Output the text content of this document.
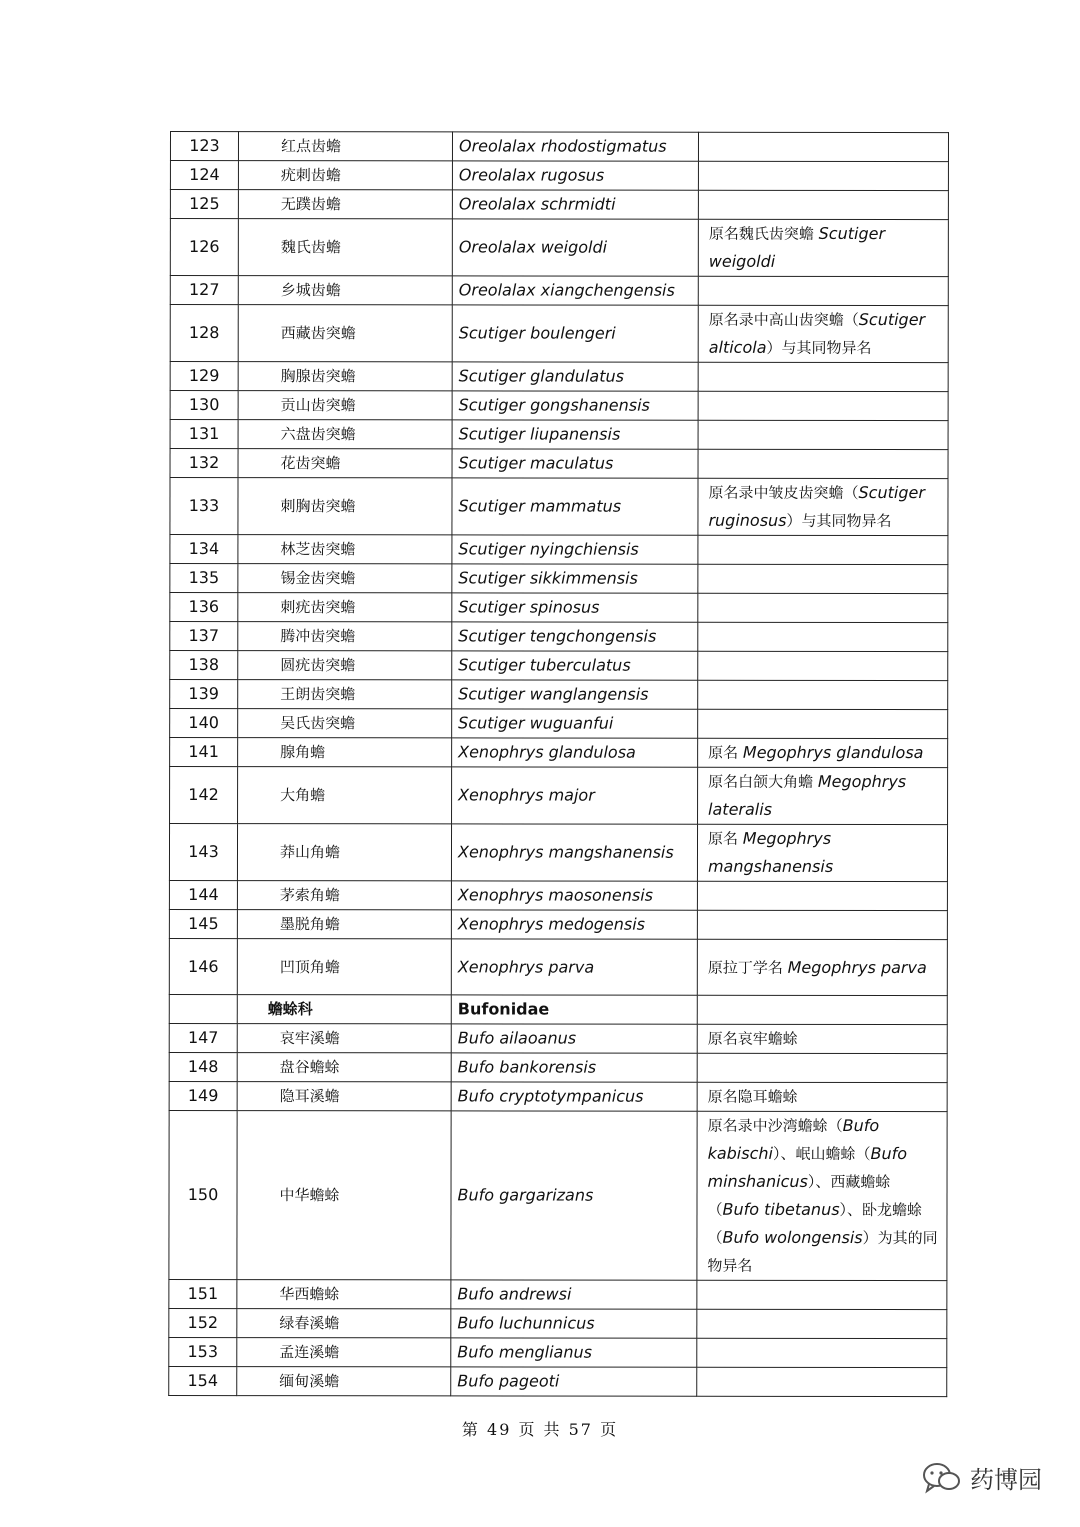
123	红点齿蟾	Oreolalax rhodostigmatus	
124	疣刺齿蟾	Oreolalax rugosus	
125	无蹼齿蟾	Oreolalax schrmidti	
126	魏氏齿蟾	Oreolalax weigoldi	原名魏氏齿突蟾 Scutiger weigoldi
127	乡城齿蟾	Oreolalax xiangchengensis	
128	西藏齿突蟾	Scutiger boulengeri	原名录中高山齿突蟾（Scutiger alticola）与其同物异名
129	胸腺齿突蟾	Scutiger glandulatus	
130	贡山齿突蟾	Scutiger gongshanensis	
131	六盘齿突蟾	Scutiger liupanensis	
132	花齿突蟾	Scutiger maculatus	
133	刺胸齿突蟾	Scutiger mammatus	原名录中皱皮齿突蟾（Scutiger ruginosus）与其同物异名
134	林芝齿突蟾	Scutiger nyingchiensis	
135	锡金齿突蟾	Scutiger sikkimmensis	
136	刺疣齿突蟾	Scutiger spinosus	
137	腾冲齿突蟾	Scutiger tengchongensis	
138	圆疣齿突蟾	Scutiger tuberculatus	
139	王朗齿突蟾	Scutiger wanglangensis	
140	吴氏齿突蟾	Scutiger wuguanfui	
141	腺角蟾	Xenophrys glandulosa	原名 Megophrys glandulosa
142	大角蟾	Xenophrys major	原名白颌大角蟾 Megophrys lateralis
143	莽山角蟾	Xenophrys mangshanensis	原名 Megophrys mangshanensis
144	茅索角蟾	Xenophrys maosonensis	
145	墨脱角蟾	Xenophrys medogensis	
146	凹顶角蟾	Xenophrys parva	原拉丁学名 Megophrys parva
	蟾蜍科	Bufonidae	
147	哀牢溪蟾	Bufo ailaoanus	原名哀牢蟾蜍
148	盘谷蟾蜍	Bufo bankorensis	
149	隐耳溪蟾	Bufo cryptotympanicus	原名隐耳蟾蜍
150	中华蟾蜍	Bufo gargarizans	原名录中沙湾蟾蜍（Bufo kabischi）、岷山蟾蜍（Bufo minshanicus）、西藏蟾蜍（Bufo tibetanus）、卧龙蟾蜍（Bufo wolongensis）为其的同物异名
151	华西蟾蜍	Bufo andrewsi	
152	绿春溪蟾	Bufo luchunnicus	
153	孟连溪蟾	Bufo menglianus	
154	缅甸溪蟾	Bufo pageoti	
第 49 页 共 57 页
药博园
